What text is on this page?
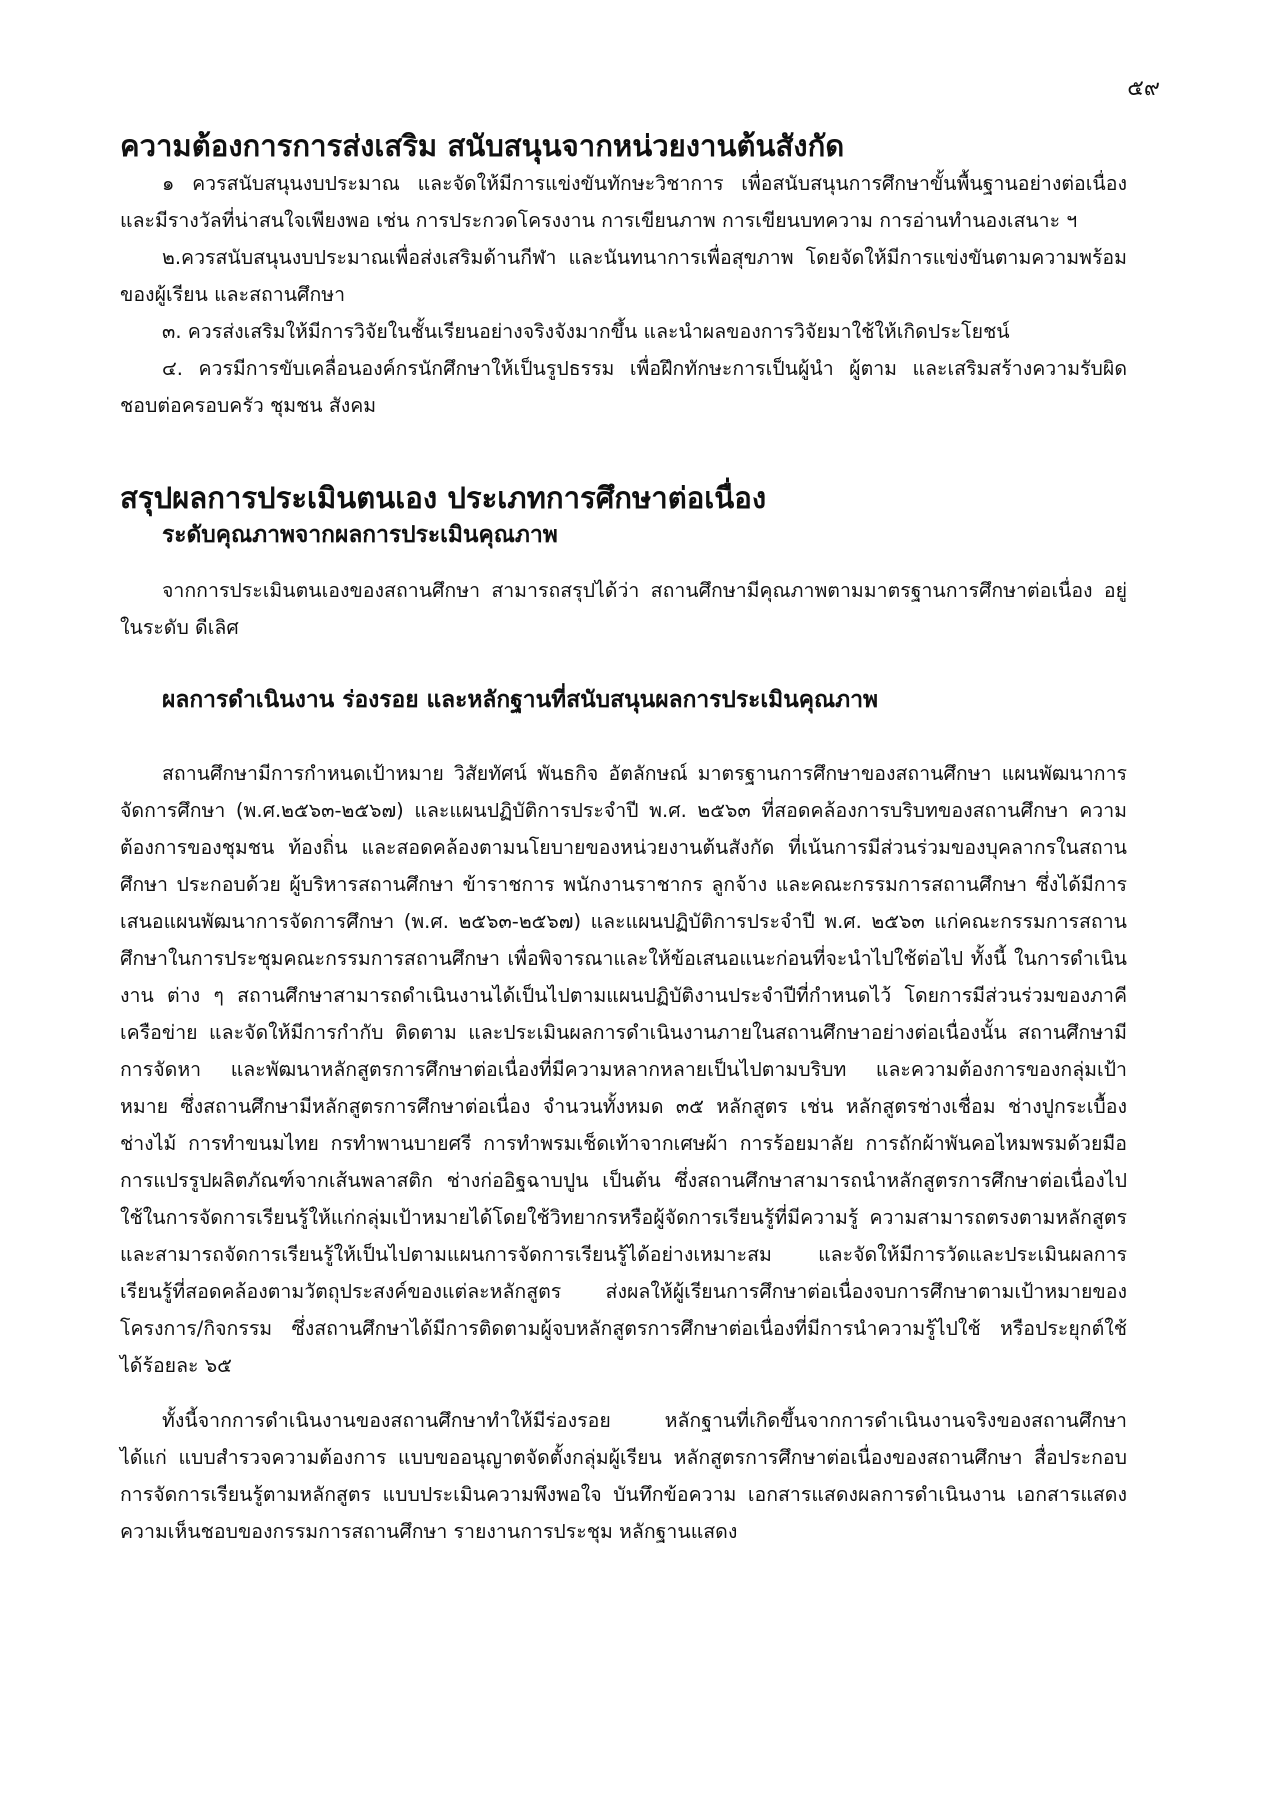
๕๙
ความต้องการการส่งเสริม สนับสนุนจากหน่วยงานต้นสังกัด

๑ ควรสนับสนุนงบประมาณ และจัดให้มีการแข่งขันทักษะวิชาการ เพื่อสนับสนุนการศึกษาขั้นพื้นฐานอย่างต่อเนื่อง และมีรางวัลที่น่าสนใจเพียงพอ เช่น การประกวดโครงงาน การเขียนภาพ การเขียนบทความ การอ่านทำนองเสนาะ ฯ

๒.ควรสนับสนุนงบประมาณเพื่อส่งเสริมด้านกีฬา และนันทนาการเพื่อสุขภาพ โดยจัดให้มีการแข่งขันตามความพร้อมของผู้เรียน และสถานศึกษา

๓. ควรส่งเสริมให้มีการวิจัยในชั้นเรียนอย่างจริงจังมากขึ้น และนำผลของการวิจัยมาใช้ให้เกิดประโยชน์

๔. ควรมีการขับเคลื่อนองค์กรนักศึกษาให้เป็นรูปธรรม เพื่อฝึกทักษะการเป็นผู้นำ ผู้ตาม และเสริมสร้างความรับผิดชอบต่อครอบครัว ชุมชน สังคม

สรุปผลการประเมินตนเอง ประเภทการศึกษาต่อเนื่อง
ระดับคุณภาพจากผลการประเมินคุณภาพ

จากการประเมินตนเองของสถานศึกษา สามารถสรุปได้ว่า สถานศึกษามีคุณภาพตามมาตรฐานการศึกษาต่อเนื่อง อยู่ในระดับ ดีเลิศ

ผลการดำเนินงาน ร่องรอย และหลักฐานที่สนับสนุนผลการประเมินคุณภาพ

สถานศึกษามีการกำหนดเป้าหมาย วิสัยทัศน์ พันธกิจ อัตลักษณ์ มาตรฐานการศึกษาของสถานศึกษา แผนพัฒนาการจัดการศึกษา (พ.ศ.๒๕๖๓-๒๕๖๗) และแผนปฏิบัติการประจำปี พ.ศ. ๒๕๖๓ ที่สอดคล้องการบริบทของสถานศึกษา ความต้องการของชุมชน ท้องถิ่น และสอดคล้องตามนโยบายของหน่วยงานต้นสังกัด ที่เน้นการมีส่วนร่วมของบุคลากรในสถานศึกษา ประกอบด้วย ผู้บริหารสถานศึกษา ข้าราชการ พนักงานราชากร ลูกจ้าง และคณะกรรมการสถานศึกษา ซึ่งได้มีการเสนอแผนพัฒนาการจัดการศึกษา (พ.ศ. ๒๕๖๓-๒๕๖๗) และแผนปฏิบัติการประจำปี พ.ศ. ๒๕๖๓ แก่คณะกรรมการสถานศึกษาในการประชุมคณะกรรมการสถานศึกษา เพื่อพิจารณาและให้ข้อเสนอแนะก่อนที่จะนำไปใช้ต่อไป ทั้งนี้ ในการดำเนินงาน ต่าง ๆ สถานศึกษาสามารถดำเนินงานได้เป็นไปตามแผนปฏิบัติงานประจำปีที่กำหนดไว้ โดยการมีส่วนร่วมของภาคีเครือข่าย และจัดให้มีการกำกับ ติดตาม และประเมินผลการดำเนินงานภายในสถานศึกษาอย่างต่อเนื่องนั้น สถานศึกษามีการจัดหา และพัฒนาหลักสูตรการศึกษาต่อเนื่องที่มีความหลากหลายเป็นไปตามบริบท และความต้องการของกลุ่มเป้าหมาย ซึ่งสถานศึกษามีหลักสูตรการศึกษาต่อเนื่อง จำนวนทั้งหมด ๓๕ หลักสูตร เช่น หลักสูตรช่างเชื่อม ช่างปูกระเบื้อง ช่างไม้ การทำขนมไทย กรทำพานบายศรี การทำพรมเช็ดเท้าจากเศษผ้า การร้อยมาลัย การถักผ้าพันคอไหมพรมด้วยมือ การแปรรูปผลิตภัณฑ์จากเส้นพลาสติก ช่างก่ออิฐฉาบปูน เป็นต้น ซึ่งสถานศึกษาสามารถนำหลักสูตรการศึกษาต่อเนื่องไปใช้ในการจัดการเรียนรู้ให้แก่กลุ่มเป้าหมายได้โดยใช้วิทยากรหรือผู้จัดการเรียนรู้ที่มีความรู้ ความสามารถตรงตามหลักสูตร และสามารถจัดการเรียนรู้ให้เป็นไปตามแผนการจัดการเรียนรู้ได้อย่างเหมาะสม และจัดให้มีการวัดและประเมินผลการเรียนรู้ที่สอดคล้องตามวัตถุประสงค์ของแต่ละหลักสูตร ส่งผลให้ผู้เรียนการศึกษาต่อเนื่องจบการศึกษาตามเป้าหมายของโครงการ/กิจกรรม ซึ่งสถานศึกษาได้มีการติดตามผู้จบหลักสูตรการศึกษาต่อเนื่องที่มีการนำความรู้ไปใช้ หรือประยุกต์ใช้ ได้ร้อยละ ๖๕

ทั้งนี้จากการดำเนินงานของสถานศึกษาทำให้มีร่องรอย หลักฐานที่เกิดขึ้นจากการดำเนินงานจริงของสถานศึกษา ได้แก่ แบบสำรวจความต้องการ แบบขออนุญาตจัดตั้งกลุ่มผู้เรียน หลักสูตรการศึกษาต่อเนื่องของสถานศึกษา สื่อประกอบการจัดการเรียนรู้ตามหลักสูตร แบบประเมินความพึงพอใจ บันทึกข้อความ เอกสารแสดงผลการดำเนินงาน เอกสารแสดงความเห็นชอบของกรรมการสถานศึกษา รายงานการประชุม หลักฐานแสดง
